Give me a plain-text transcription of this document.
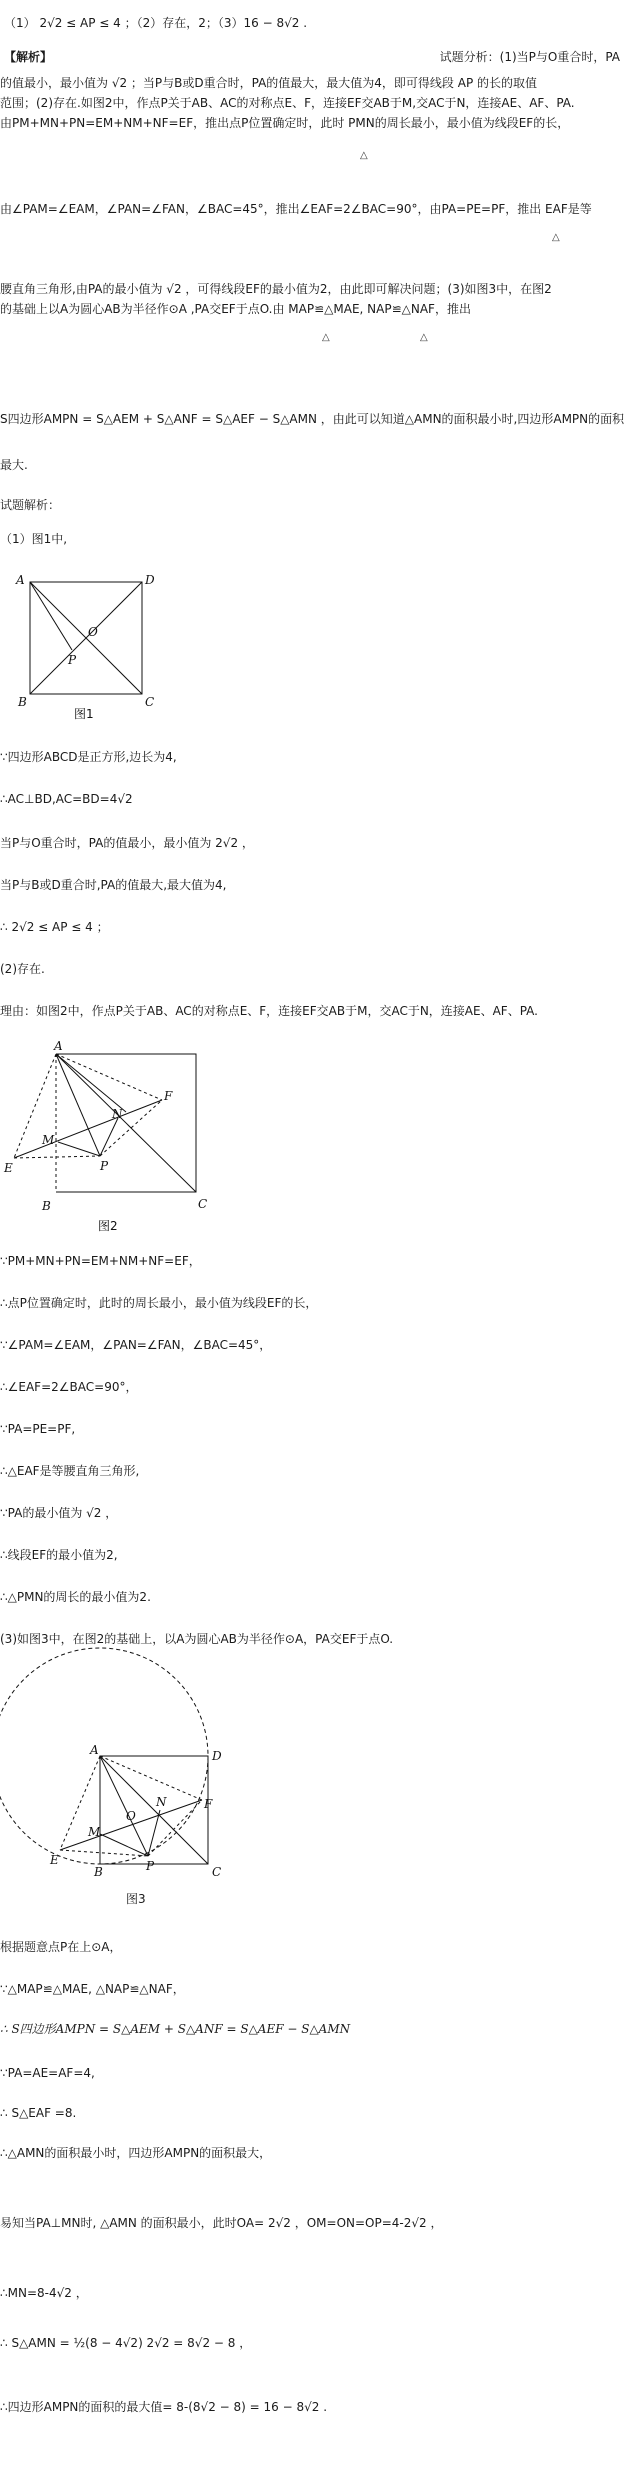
（1） 2√2 ≤ AP ≤ 4 ；（2）存在，2；（3）16 − 8√2 .
【解析】	试题分析：(1)当P与O重合时，PA
的值最小，最小值为 √2 ；当P与B或D重合时，PA的值最大，最大值为4，即可得线段 AP 的长的取值
范围；(2)存在.如图2中，作点P关于AB、AC的对称点E、F，连接EF交AB于M,交AC于N，连接AE、AF、PA.
由PM+MN+PN=EM+NM+NF=EF，推出点P位置确定时，此时 PMN的周长最小，最小值为线段EF的长，
△
由∠PAM=∠EAM，∠PAN=∠FAN，∠BAC=45°，推出∠EAF=2∠BAC=90°，由PA=PE=PF，推出 EAF是等
△
腰直角三角形,由PA的最小值为 √2 ，可得线段EF的最小值为2，由此即可解决问题；(3)如图3中，在图2
的基础上以A为圆心AB为半径作⊙A ,PA交EF于点O.由 MAP≌△MAE, NAP≌△NAF，推出
△	△
S四边形AMPN = S△AEM + S△ANF = S△AEF − S△AMN ，由此可以知道△AMN的面积最小时,四边形AMPN的面积
最大.
试题解析：
（1）图1中,
A	D
B	C
O
P
图1
∵四边形ABCD是正方形,边长为4,
∴AC⊥BD,AC=BD=4√2
当P与O重合时，PA的值最小，最小值为 2√2 ，
当P与B或D重合时,PA的值最大,最大值为4,
∴ 2√2 ≤ AP ≤ 4 ；
(2)存在.
理由：如图2中，作点P关于AB、AC的对称点E、F，连接EF交AB于M，交AC于N，连接AE、AF、PA.
A
B	C
E
F
M
N
P
图2
∵PM+MN+PN=EM+NM+NF=EF，
∴点P位置确定时，此时的周长最小，最小值为线段EF的长，
∵∠PAM=∠EAM，∠PAN=∠FAN，∠BAC=45°，
∴∠EAF=2∠BAC=90°，
∵PA=PE=PF,
∴△EAF是等腰直角三角形,
∵PA的最小值为 √2 ，
∴线段EF的最小值为2,
∴△PMN的周长的最小值为2.
(3)如图3中，在图2的基础上，以A为圆心AB为半径作⊙A，PA交EF于点O.
A	D
B	C
E
F
M
N
P
O
图3
根据题意点P在上⊙A，
∵△MAP≌△MAE, △NAP≌△NAF，
∴ S四边形AMPN = S△AEM + S△ANF = S△AEF − S△AMN
∵PA=AE=AF=4,
∴ S△EAF =8.
∴△AMN的面积最小时，四边形AMPN的面积最大，
易知当PA⊥MN时, △AMN 的面积最小，此时OA= 2√2 ，OM=ON=OP=4-2√2 ，
∴MN=8-4√2 ，
∴ S△AMN = ½(8 − 4√2) 2√2 = 8√2 − 8 ，
∴四边形AMPN的面积的最大值= 8-(8√2 − 8) = 16 − 8√2 .
